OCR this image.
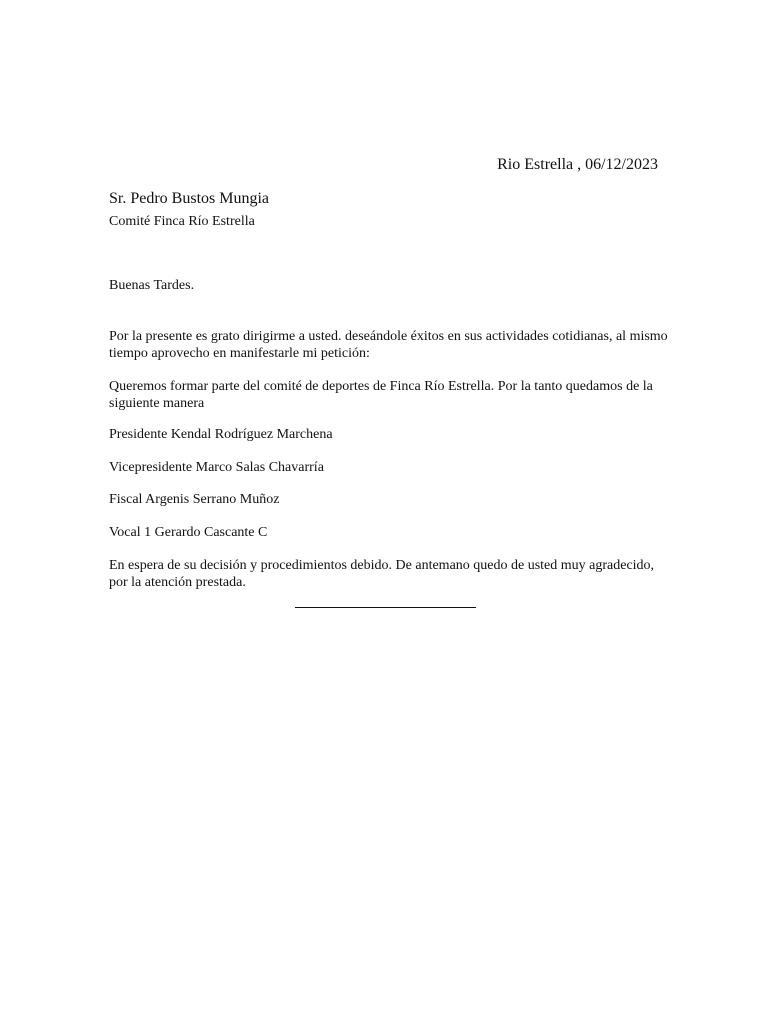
Rio Estrella , 06/12/2023
Sr. Pedro Bustos Mungia
Comité Finca Río Estrella
Buenas Tardes.
Por la presente es grato dirigirme a usted. deseándole éxitos en sus actividades cotidianas, al mismo tiempo aprovecho en manifestarle mi petición:
Queremos formar parte del comité de deportes de Finca Río Estrella. Por la tanto quedamos de la siguiente manera
Presidente Kendal Rodríguez Marchena
Vicepresidente Marco Salas Chavarría
Fiscal Argenis Serrano Muñoz
Vocal 1 Gerardo Cascante C
En espera de su decisión y procedimientos debido. De antemano quedo de usted muy agradecido, por la atención prestada.
